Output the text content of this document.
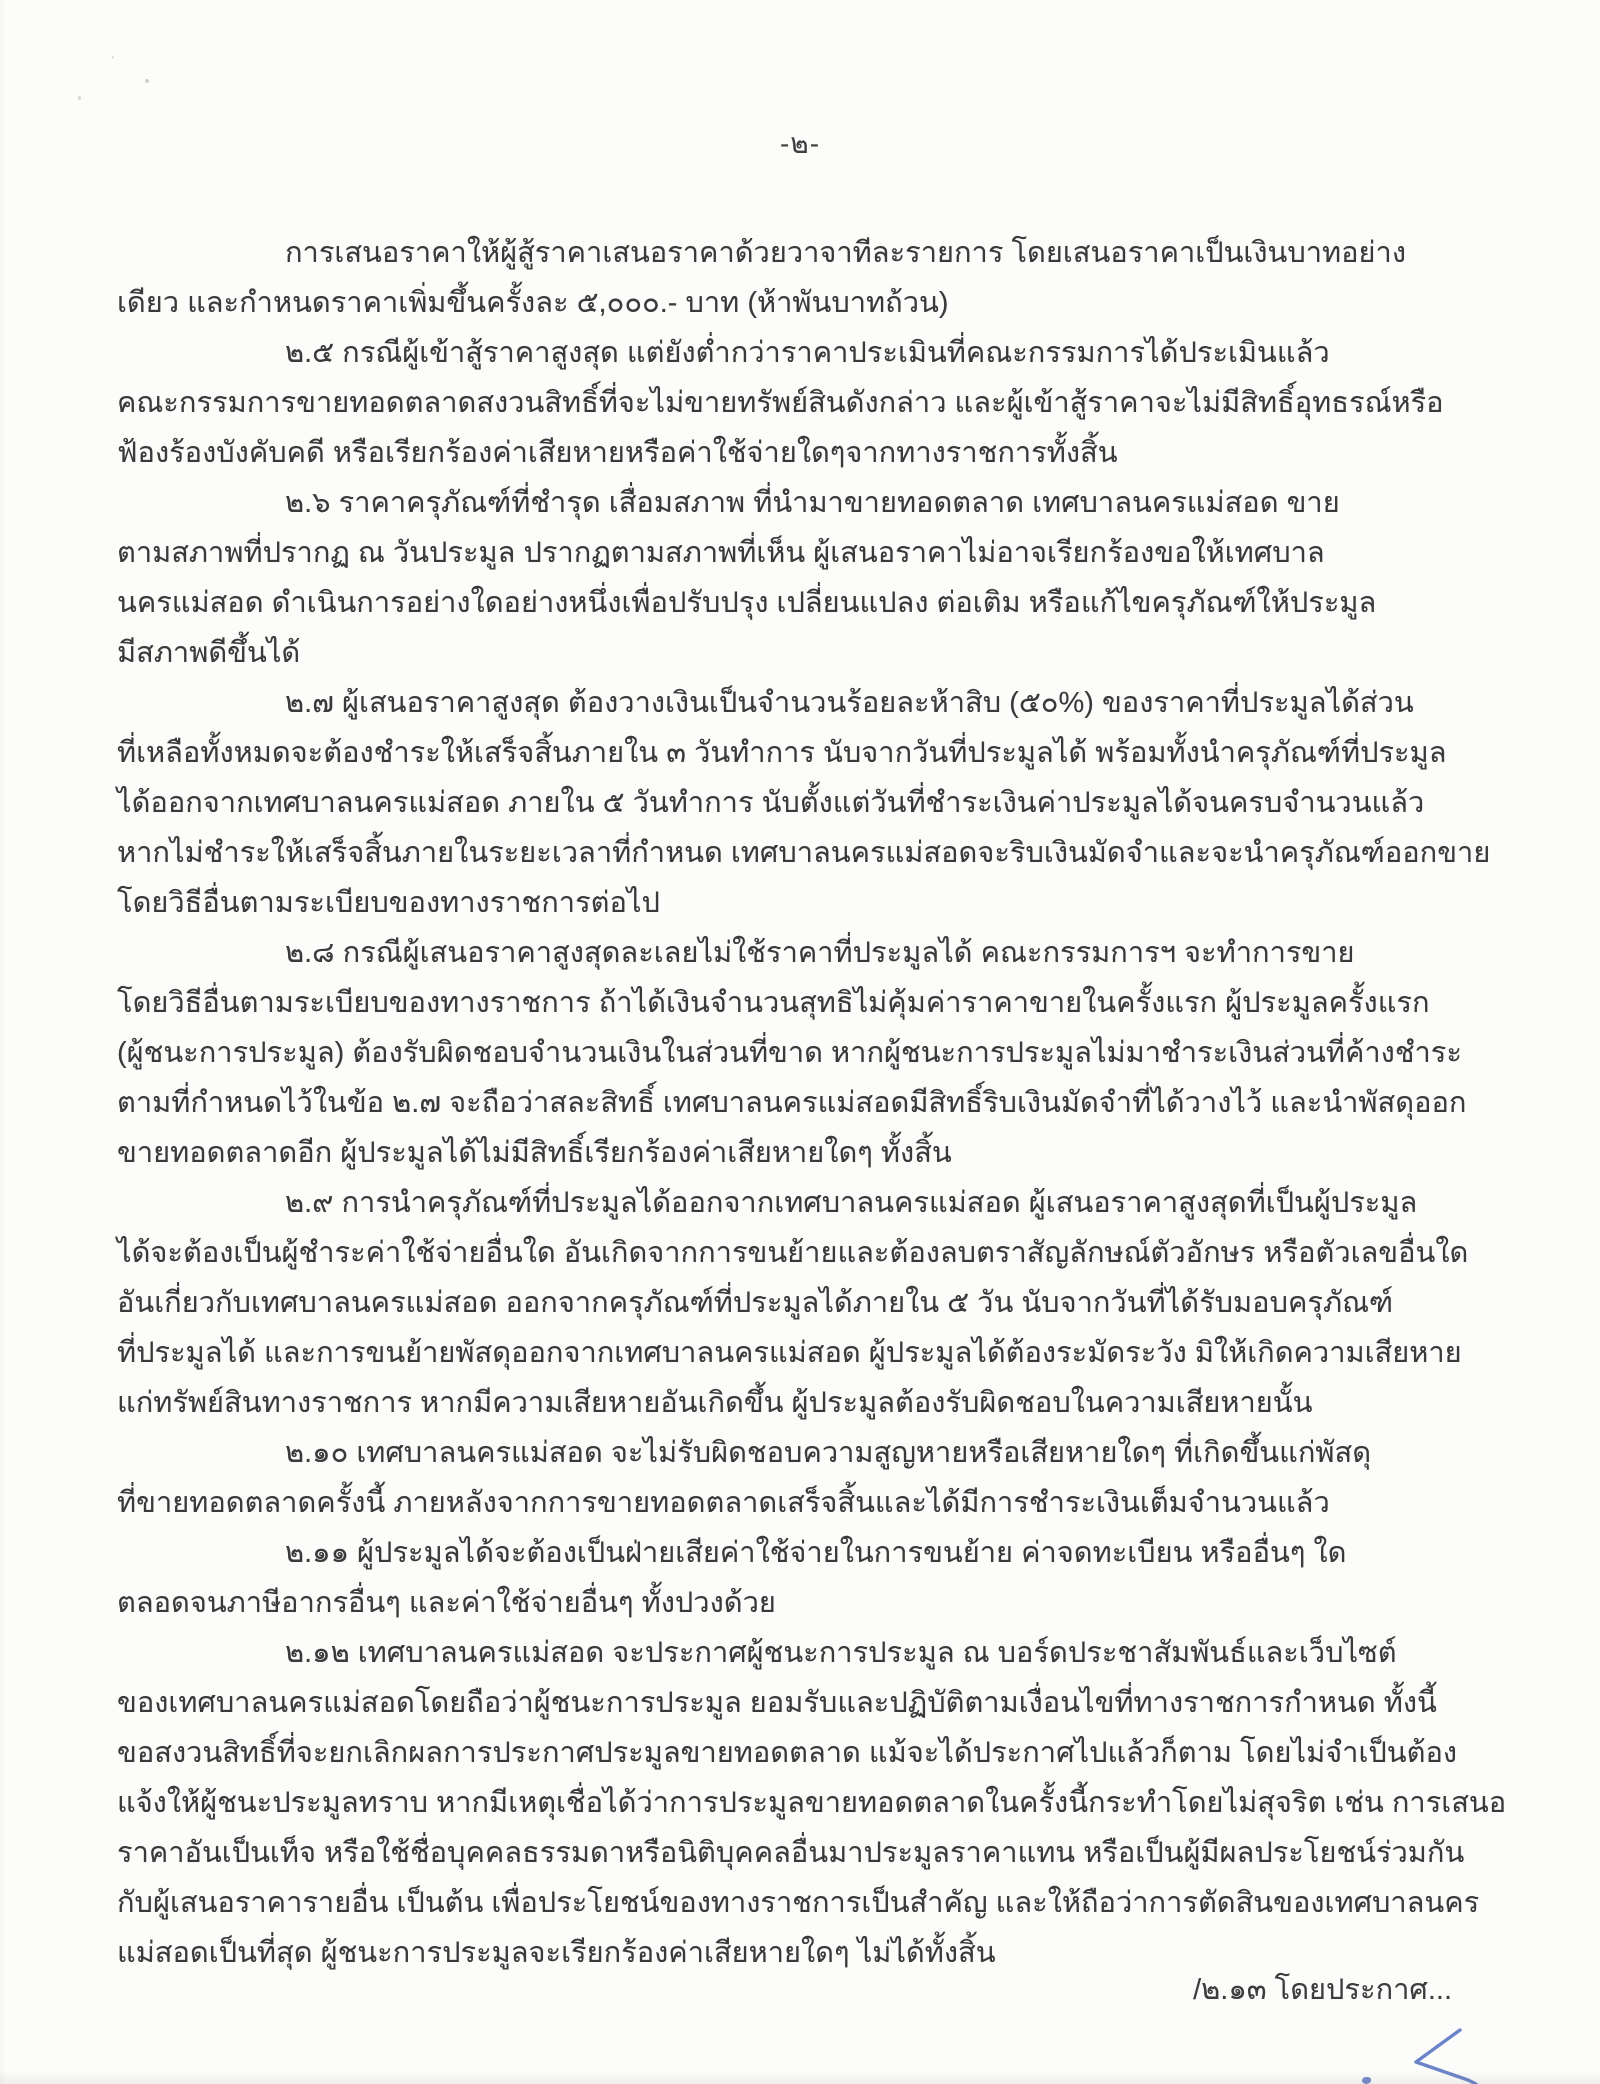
-๒-
การเสนอราคาให้ผู้สู้ราคาเสนอราคาด้วยวาจาทีละรายการ โดยเสนอราคาเป็นเงินบาทอย่าง
เดียว และกำหนดราคาเพิ่มขึ้นครั้งละ ๕,๐๐๐.- บาท (ห้าพันบาทถ้วน)
๒.๕ กรณีผู้เข้าสู้ราคาสูงสุด แต่ยังต่ำกว่าราคาประเมินที่คณะกรรมการได้ประเมินแล้ว
คณะกรรมการขายทอดตลาดสงวนสิทธิ์ที่จะไม่ขายทรัพย์สินดังกล่าว และผู้เข้าสู้ราคาจะไม่มีสิทธิ์อุทธรณ์หรือ
ฟ้องร้องบังคับคดี หรือเรียกร้องค่าเสียหายหรือค่าใช้จ่ายใดๆจากทางราชการทั้งสิ้น
๒.๖ ราคาครุภัณฑ์ที่ชำรุด เสื่อมสภาพ ที่นำมาขายทอดตลาด เทศบาลนครแม่สอด ขาย
ตามสภาพที่ปรากฏ ณ วันประมูล ปรากฏตามสภาพที่เห็น ผู้เสนอราคาไม่อาจเรียกร้องขอให้เทศบาล
นครแม่สอด ดำเนินการอย่างใดอย่างหนึ่งเพื่อปรับปรุง เปลี่ยนแปลง ต่อเติม หรือแก้ไขครุภัณฑ์ให้ประมูล
มีสภาพดีขึ้นได้
๒.๗ ผู้เสนอราคาสูงสุด ต้องวางเงินเป็นจำนวนร้อยละห้าสิบ (๕๐%) ของราคาที่ประมูลได้ส่วน
ที่เหลือทั้งหมดจะต้องชำระให้เสร็จสิ้นภายใน ๓ วันทำการ นับจากวันที่ประมูลได้ พร้อมทั้งนำครุภัณฑ์ที่ประมูล
ได้ออกจากเทศบาลนครแม่สอด ภายใน ๕ วันทำการ นับตั้งแต่วันที่ชำระเงินค่าประมูลได้จนครบจำนวนแล้ว
หากไม่ชำระให้เสร็จสิ้นภายในระยะเวลาที่กำหนด เทศบาลนครแม่สอดจะริบเงินมัดจำและจะนำครุภัณฑ์ออกขาย
โดยวิธีอื่นตามระเบียบของทางราชการต่อไป
๒.๘ กรณีผู้เสนอราคาสูงสุดละเลยไม่ใช้ราคาที่ประมูลได้ คณะกรรมการฯ จะทำการขาย
โดยวิธีอื่นตามระเบียบของทางราชการ ถ้าได้เงินจำนวนสุทธิไม่คุ้มค่าราคาขายในครั้งแรก ผู้ประมูลครั้งแรก
(ผู้ชนะการประมูล) ต้องรับผิดชอบจำนวนเงินในส่วนที่ขาด หากผู้ชนะการประมูลไม่มาชำระเงินส่วนที่ค้างชำระ
ตามที่กำหนดไว้ในข้อ ๒.๗ จะถือว่าสละสิทธิ์ เทศบาลนครแม่สอดมีสิทธิ์ริบเงินมัดจำที่ได้วางไว้ และนำพัสดุออก
ขายทอดตลาดอีก ผู้ประมูลได้ไม่มีสิทธิ์เรียกร้องค่าเสียหายใดๆ ทั้งสิ้น
๒.๙ การนำครุภัณฑ์ที่ประมูลได้ออกจากเทศบาลนครแม่สอด ผู้เสนอราคาสูงสุดที่เป็นผู้ประมูล
ได้จะต้องเป็นผู้ชำระค่าใช้จ่ายอื่นใด อันเกิดจากการขนย้ายและต้องลบตราสัญลักษณ์ตัวอักษร หรือตัวเลขอื่นใด
อันเกี่ยวกับเทศบาลนครแม่สอด ออกจากครุภัณฑ์ที่ประมูลได้ภายใน ๕ วัน นับจากวันที่ได้รับมอบครุภัณฑ์
ที่ประมูลได้ และการขนย้ายพัสดุออกจากเทศบาลนครแม่สอด ผู้ประมูลได้ต้องระมัดระวัง มิให้เกิดความเสียหาย
แก่ทรัพย์สินทางราชการ หากมีความเสียหายอันเกิดขึ้น ผู้ประมูลต้องรับผิดชอบในความเสียหายนั้น
๒.๑๐ เทศบาลนครแม่สอด จะไม่รับผิดชอบความสูญหายหรือเสียหายใดๆ ที่เกิดขึ้นแก่พัสดุ
ที่ขายทอดตลาดครั้งนี้ ภายหลังจากการขายทอดตลาดเสร็จสิ้นและได้มีการชำระเงินเต็มจำนวนแล้ว
๒.๑๑ ผู้ประมูลได้จะต้องเป็นฝ่ายเสียค่าใช้จ่ายในการขนย้าย ค่าจดทะเบียน หรืออื่นๆ ใด
ตลอดจนภาษีอากรอื่นๆ และค่าใช้จ่ายอื่นๆ ทั้งปวงด้วย
๒.๑๒ เทศบาลนครแม่สอด จะประกาศผู้ชนะการประมูล ณ บอร์ดประชาสัมพันธ์และเว็บไซต์
ของเทศบาลนครแม่สอดโดยถือว่าผู้ชนะการประมูล ยอมรับและปฏิบัติตามเงื่อนไขที่ทางราชการกำหนด ทั้งนี้
ขอสงวนสิทธิ์ที่จะยกเลิกผลการประกาศประมูลขายทอดตลาด แม้จะได้ประกาศไปแล้วก็ตาม โดยไม่จำเป็นต้อง
แจ้งให้ผู้ชนะประมูลทราบ หากมีเหตุเชื่อได้ว่าการประมูลขายทอดตลาดในครั้งนี้กระทำโดยไม่สุจริต เช่น การเสนอ
ราคาอันเป็นเท็จ หรือใช้ชื่อบุคคลธรรมดาหรือนิติบุคคลอื่นมาประมูลราคาแทน หรือเป็นผู้มีผลประโยชน์ร่วมกัน
กับผู้เสนอราคารายอื่น เป็นต้น เพื่อประโยชน์ของทางราชการเป็นสำคัญ และให้ถือว่าการตัดสินของเทศบาลนคร
แม่สอดเป็นที่สุด ผู้ชนะการประมูลจะเรียกร้องค่าเสียหายใดๆ ไม่ได้ทั้งสิ้น
/๒.๑๓ โดยประกาศ...
